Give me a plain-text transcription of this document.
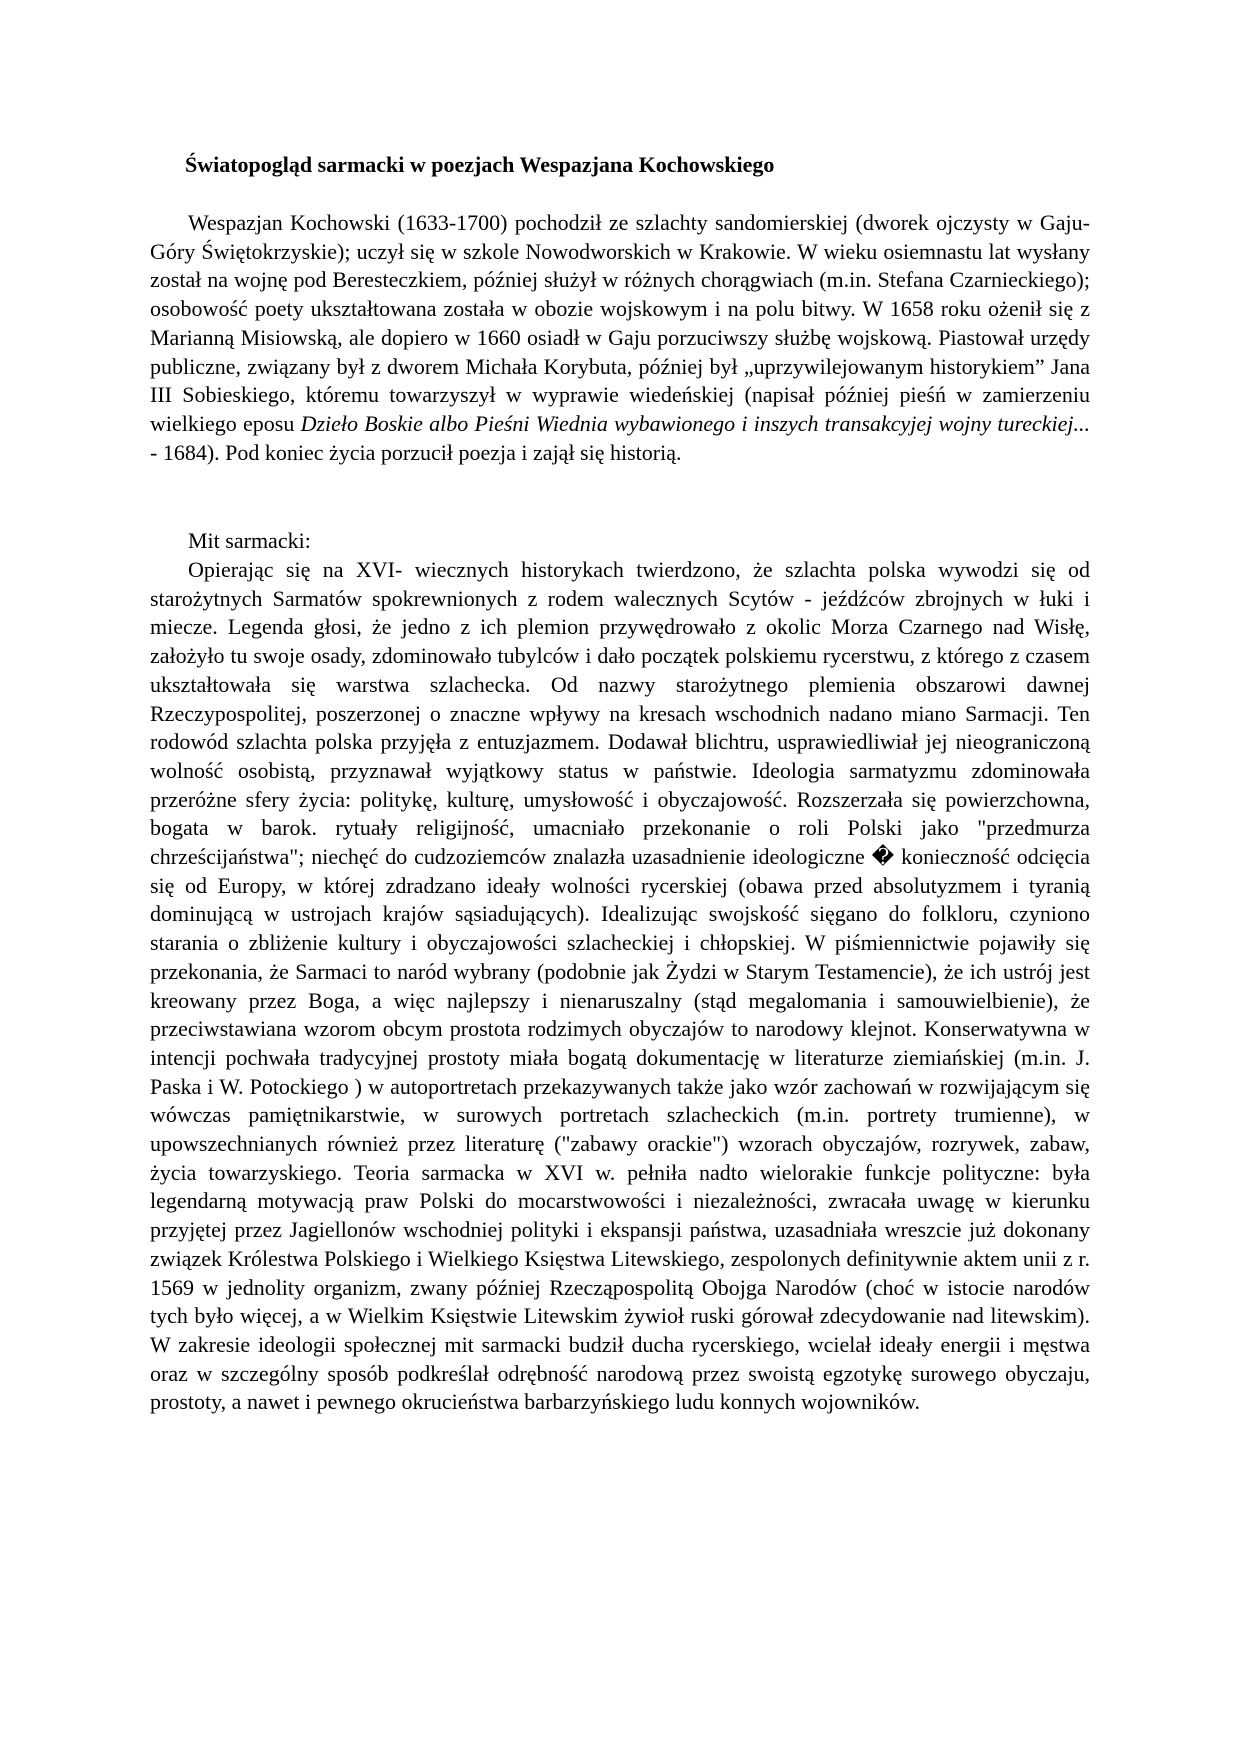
Światopogląd sarmacki w poezjach Wespazjana Kochowskiego

Wespazjan Kochowski (1633-1700) pochodził ze szlachty sandomierskiej (dworek ojczysty w Gaju- Góry Świętokrzyskie); uczył się w szkole Nowodworskich w Krakowie. W wieku osiemnastu lat wysłany został na wojnę pod Beresteczkiem, później służył w różnych chorągwiach (m.in. Stefana Czarnieckiego); osobowość poety ukształtowana została w obozie wojskowym i na polu bitwy. W 1658 roku ożenił się z Marianną Misiowską, ale dopiero w 1660 osiadł w Gaju porzuciwszy służbę wojskową. Piastował urzędy publiczne, związany był z dworem Michała Korybuta, później był „uprzywilejowanym historykiem” Jana III Sobieskiego, któremu towarzyszył w wyprawie wiedeńskiej (napisał później pieśń w zamierzeniu wielkiego eposu Dzieło Boskie albo Pieśni Wiednia wybawionego i inszych transakcyjej wojny tureckiej... - 1684). Pod koniec życia porzucił poezja i zajął się historią.

Mit sarmacki:

Opierając się na XVI- wiecznych historykach twierdzono, że szlachta polska wywodzi się od starożytnych Sarmatów spokrewnionych z rodem walecznych Scytów - jeźdźców zbrojnych w łuki i miecze. Legenda głosi, że jedno z ich plemion przywędrowało z okolic Morza Czarnego nad Wisłę, założyło tu swoje osady, zdominowało tubylców i dało początek polskiemu rycerstwu, z którego z czasem ukształtowała się warstwa szlachecka. Od nazwy starożytnego plemienia obszarowi dawnej Rzeczypospolitej, poszerzonej o znaczne wpływy na kresach wschodnich nadano miano Sarmacji. Ten rodowód szlachta polska przyjęła z entuzjazmem. Dodawał blichtru, usprawiedliwiał jej nieograniczoną wolność osobistą, przyznawał wyjątkowy status w państwie. Ideologia sarmatyzmu zdominowała przeróżne sfery życia: politykę, kulturę, umysłowość i obyczajowość. Rozszerzała się powierzchowna, bogata w barok. rytuały religijność, umacniało przekonanie o roli Polski jako "przedmurza chrześcijaństwa"; niechęć do cudzoziemców znalazła uzasadnienie ideologiczne � konieczność odcięcia się od Europy, w której zdradzano ideały wolności rycerskiej (obawa przed absolutyzmem i tyranią dominującą w ustrojach krajów sąsiadujących). Idealizując swojskość sięgano do folkloru, czyniono starania o zbliżenie kultury i obyczajowości szlacheckiej i chłopskiej. W piśmiennictwie pojawiły się przekonania, że Sarmaci to naród wybrany (podobnie jak Żydzi w Starym Testamencie), że ich ustrój jest kreowany przez Boga, a więc najlepszy i nienaruszalny (stąd megalomania i samouwielbienie), że przeciwstawiana wzorom obcym prostota rodzimych obyczajów to narodowy klejnot. Konserwatywna w intencji pochwała tradycyjnej prostoty miała bogatą dokumentację w literaturze ziemiańskiej (m.in. J. Paska i W. Potockiego ) w autoportretach przekazywanych także jako wzór zachowań w rozwijającym się wówczas pamiętnikarstwie, w surowych portretach szlacheckich (m.in. portrety trumienne), w upowszechnianych również przez literaturę ("zabawy orackie") wzorach obyczajów, rozrywek, zabaw, życia towarzyskiego. Teoria sarmacka w XVI w. pełniła nadto wielorakie funkcje polityczne: była legendarną motywacją praw Polski do mocarstwowości i niezależności, zwracała uwagę w kierunku przyjętej przez Jagiellonów wschodniej polityki i ekspansji państwa, uzasadniała wreszcie już dokonany związek Królestwa Polskiego i Wielkiego Księstwa Litewskiego, zespolonych definitywnie aktem unii z r. 1569 w jednolity organizm, zwany później Rzecząpospolitą Obojga Narodów (choć w istocie narodów tych było więcej, a w Wielkim Księstwie Litewskim żywioł ruski górował zdecydowanie nad litewskim). W zakresie ideologii społecznej mit sarmacki budził ducha rycerskiego, wcielał ideały energii i męstwa oraz w szczególny sposób podkreślał odrębność narodową przez swoistą egzotykę surowego obyczaju, prostoty, a nawet i pewnego okrucieństwa barbarzyńskiego ludu konnych wojowników.
